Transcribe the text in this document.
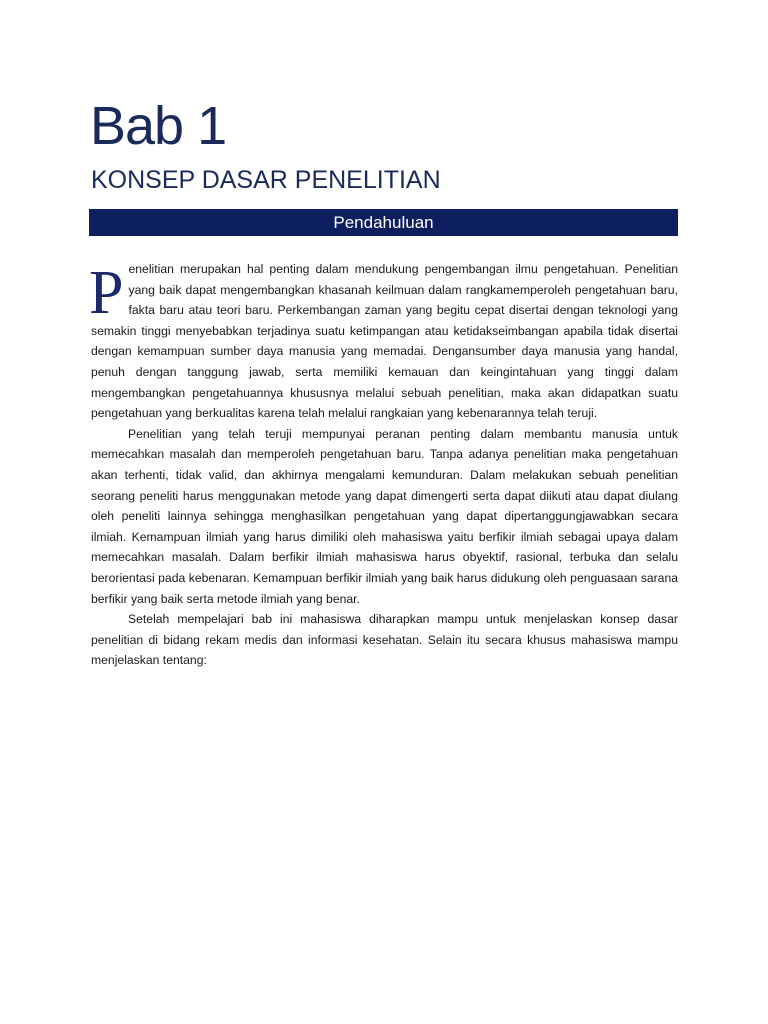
Bab 1
KONSEP DASAR PENELITIAN
Pendahuluan

Penelitian merupakan hal penting dalam mendukung pengembangan ilmu pengetahuan. Penelitian yang baik dapat mengembangkan khasanah keilmuan dalam rangkamemperoleh pengetahuan baru, fakta baru atau teori baru. Perkembangan zaman yang begitu cepat disertai dengan teknologi yang semakin tinggi menyebabkan terjadinya suatu ketimpangan atau ketidakseimbangan apabila tidak disertai dengan kemampuan sumber daya manusia yang memadai. Dengansumber daya manusia yang handal, penuh dengan tanggung jawab, serta memiliki kemauan dan keingintahuan yang tinggi dalam mengembangkan pengetahuannya khususnya melalui sebuah penelitian, maka akan didapatkan suatu pengetahuan yang berkualitas karena telah melalui rangkaian yang kebenarannya telah teruji.

Penelitian yang telah teruji mempunyai peranan penting dalam membantu manusia untuk memecahkan masalah dan memperoleh pengetahuan baru. Tanpa adanya penelitian maka pengetahuan akan terhenti, tidak valid, dan akhirnya mengalami kemunduran. Dalam melakukan sebuah penelitian seorang peneliti harus menggunakan metode yang dapat dimengerti serta dapat diikuti atau dapat diulang oleh peneliti lainnya sehingga menghasilkan pengetahuan yang dapat dipertanggungjawabkan secara ilmiah. Kemampuan ilmiah yang harus dimiliki oleh mahasiswa yaitu berfikir ilmiah sebagai upaya dalam memecahkan masalah. Dalam berfikir ilmiah mahasiswa harus obyektif, rasional, terbuka dan selalu berorientasi pada kebenaran. Kemampuan berfikir ilmiah yang baik harus didukung oleh penguasaan sarana berfikir yang baik serta metode ilmiah yang benar.

Setelah mempelajari bab ini mahasiswa diharapkan mampu untuk menjelaskan konsep dasar penelitian di bidang rekam medis dan informasi kesehatan. Selain itu secara khusus mahasiswa mampu menjelaskan tentang:
